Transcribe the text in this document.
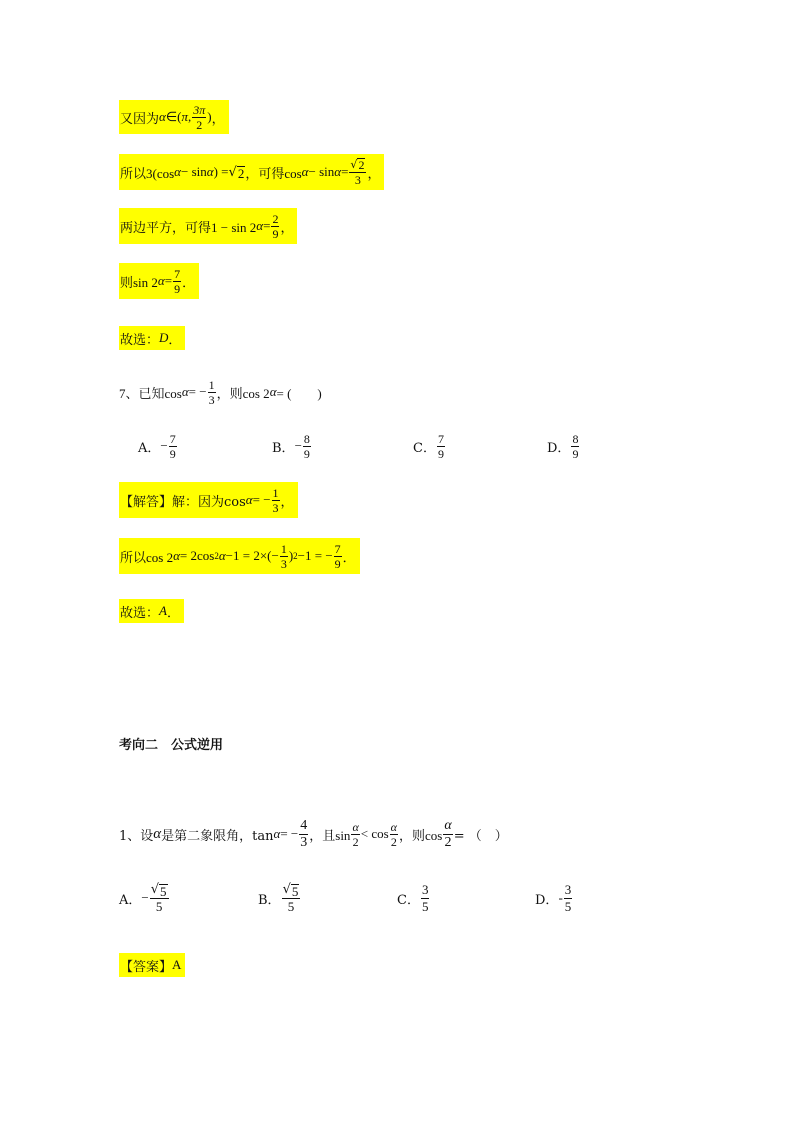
又因为 α ∈ ( π , $\frac{3\pi}{2}$ ) ，
所以3(cos α − sin α ) = √ 2 ，可得$\cos \alpha - \sin \alpha = \frac{√ 2}{3}$ ，
两边平方，可得1 − sin 2 $\alpha = \frac{2}{9}$ ，
则sin 2 $\alpha = \frac{7}{9}$ ．
故选： D ．
7、已知cos α = − $\frac{1}{3}$ ，则cos 2 α = (　　)
A． − $\frac{7}{9}$	B． − $\frac{8}{9}$	C． $\frac{7}{9}$	D． $\frac{8}{9}$
【解答】解：因为cos α = − $\frac{1}{3}$ ，
所以cos 2 α = 2cos 2 $\alpha -1 = 2\times(- \frac{1}{3}$ ) 2 −1 = − $\frac{7}{9}$ ．
故选： A ．
考向二　公式逆用
1、设 α 是第二象限角，tan α = − $\frac{4}{3}$ ，且$\sin \frac{\alpha}{2} < \cos \frac{\alpha}{2}$ ，则$\cos \frac{\alpha}{2}$ = （　）
A． − $\frac{√ 5}{5}$	B． $\frac{√ 5}{5}$	C． $\frac{3}{5}$	D． - $\frac{3}{5}$
【答案】 A
